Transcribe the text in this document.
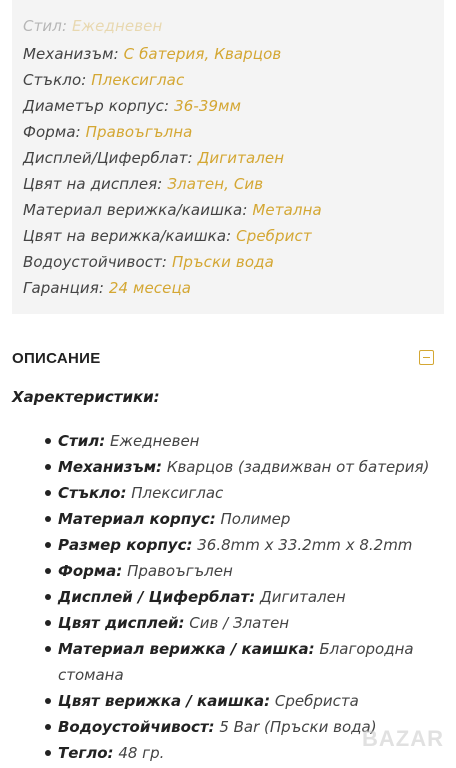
Стил: Ежедневен
Механизъм: С батерия, Кварцов
Стъкло: Плексиглас
Диаметър корпус: 36-39мм
Форма: Правоъгълна
Дисплей/Циферблат: Дигитален
Цвят на дисплея: Златен, Сив
Материал верижка/каишка: Метална
Цвят на верижка/каишка: Сребрист
Водоустойчивост: Пръски вода
Гаранция: 24 месеца
ОПИСАНИЕ
Харектеристики:
Стил: Ежедневен
Механизъм: Кварцов (задвижван от батерия)
Стъкло: Плексиглас
Материал корпус: Полимер
Размер корпус: 36.8mm x 33.2mm x 8.2mm
Форма: Правоъгълен
Дисплей / Циферблат: Дигитален
Цвят дисплей: Сив / Златен
Материал верижка / каишка: Благородна стомана
Цвят верижка / каишка: Сребриста
Водоустойчивост: 5 Bar (Пръски вода)
Тегло: 48 гр.
BAZAR
